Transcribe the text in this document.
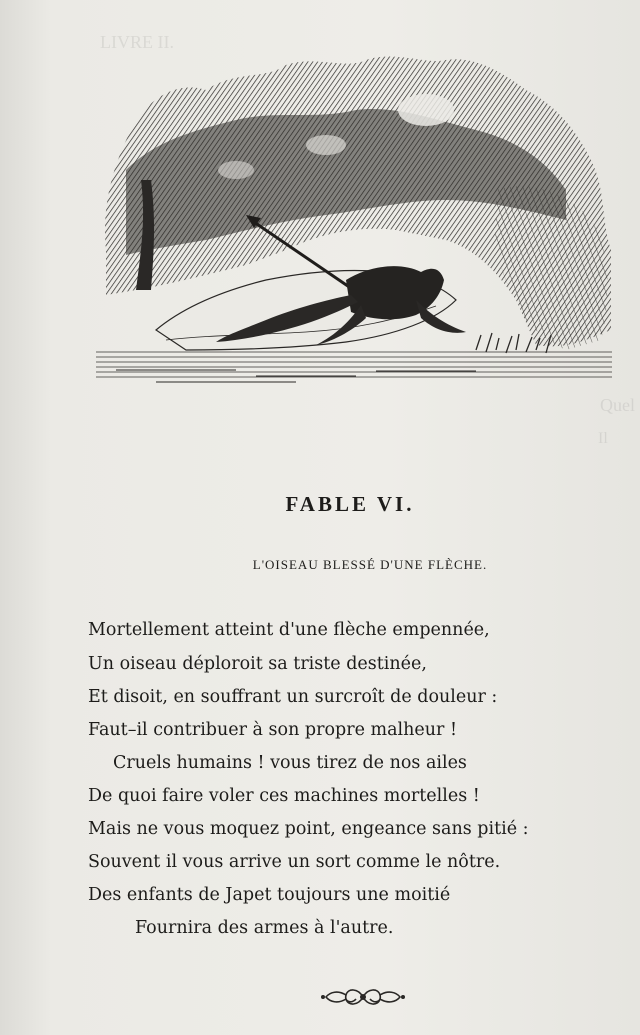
LIVRE II.
Quel
Il
FABLE VI.
L'OISEAU BLESSÉ D'UNE FLÈCHE.
Mortellement atteint d'une flèche empennée,
Un oiseau déploroit sa triste destinée,
Et disoit, en souffrant un surcroît de douleur :
Faut–il contribuer à son propre malheur !
Cruels humains ! vous tirez de nos ailes
De quoi faire voler ces machines mortelles !
Mais ne vous moquez point, engeance sans pitié :
Souvent il vous arrive un sort comme le nôtre.
Des enfants de Japet toujours une moitié
Fournira des armes à l'autre.
